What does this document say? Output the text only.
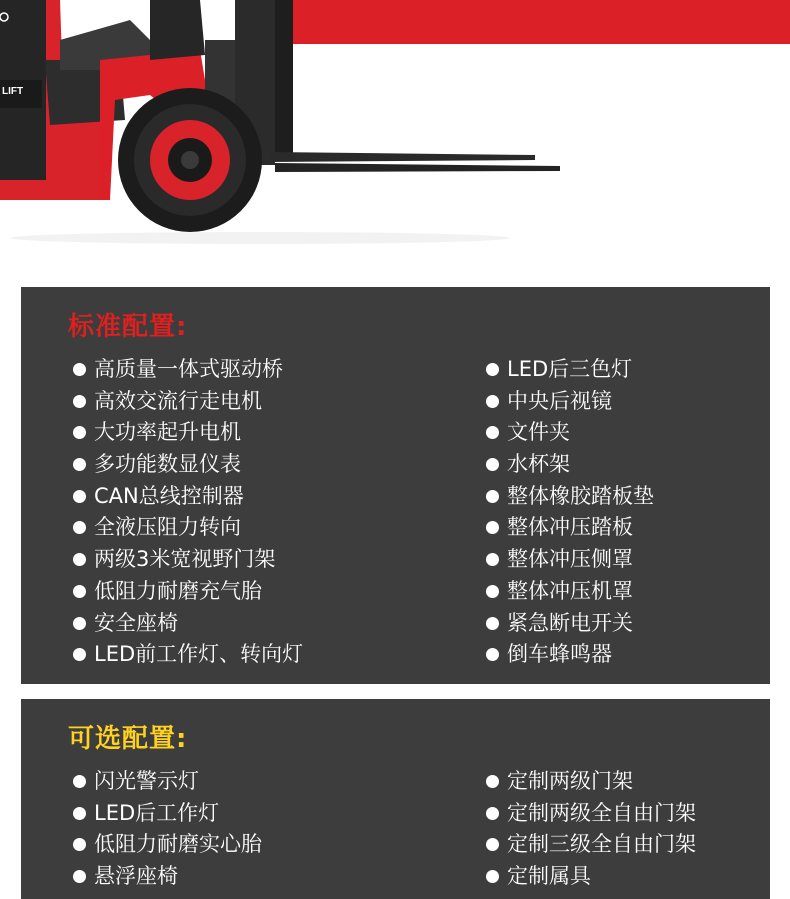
LIFT
标准配置:
高质量一体式驱动桥
高效交流行走电机
大功率起升电机
多功能数显仪表
CAN总线控制器
全液压阻力转向
两级3米宽视野门架
低阻力耐磨充气胎
安全座椅
LED前工作灯、转向灯
LED后三色灯
中央后视镜
文件夹
水杯架
整体橡胶踏板垫
整体冲压踏板
整体冲压侧罩
整体冲压机罩
紧急断电开关
倒车蜂鸣器
可选配置:
闪光警示灯
LED后工作灯
低阻力耐磨实心胎
悬浮座椅
定制两级门架
定制两级全自由门架
定制三级全自由门架
定制属具
